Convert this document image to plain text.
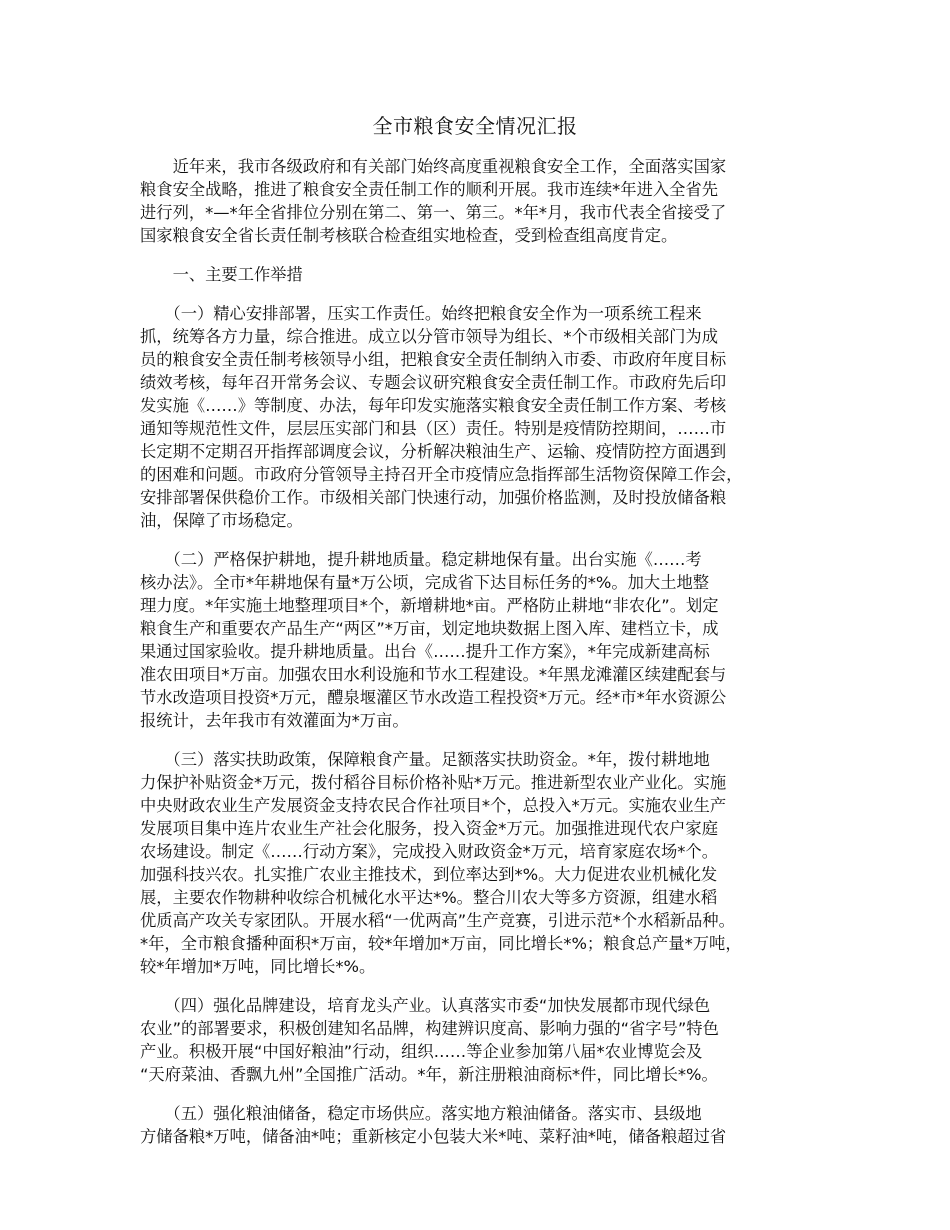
全市粮食安全情况汇报
　　近年来，我市各级政府和有关部门始终高度重视粮食安全工作，全面落实国家
粮食安全战略，推进了粮食安全责任制工作的顺利开展。我市连续*年进入全省先
进行列，*—*年全省排位分别在第二、第一、第三。*年*月，我市代表全省接受了
国家粮食安全省长责任制考核联合检查组实地检查，受到检查组高度肯定。
　　一、主要工作举措
　　（一）精心安排部署，压实工作责任。始终把粮食安全作为一项系统工程来
抓，统筹各方力量，综合推进。成立以分管市领导为组长、*个市级相关部门为成
员的粮食安全责任制考核领导小组，把粮食安全责任制纳入市委、市政府年度目标
绩效考核，每年召开常务会议、专题会议研究粮食安全责任制工作。市政府先后印
发实施《……》等制度、办法，每年印发实施落实粮食安全责任制工作方案、考核
通知等规范性文件，层层压实部门和县（区）责任。特别是疫情防控期间，……市
长定期不定期召开指挥部调度会议，分析解决粮油生产、运输、疫情防控方面遇到
的困难和问题。市政府分管领导主持召开全市疫情应急指挥部生活物资保障工作会，
安排部署保供稳价工作。市级相关部门快速行动，加强价格监测，及时投放储备粮
油，保障了市场稳定。
　　（二）严格保护耕地，提升耕地质量。稳定耕地保有量。出台实施《……考
核办法》。全市*年耕地保有量*万公顷，完成省下达目标任务的*%。加大土地整
理力度。*年实施土地整理项目*个，新增耕地*亩。严格防止耕地“非农化”。划定
粮食生产和重要农产品生产“两区”*万亩，划定地块数据上图入库、建档立卡，成
果通过国家验收。提升耕地质量。出台《……提升工作方案》，*年完成新建高标
准农田项目*万亩。加强农田水利设施和节水工程建设。*年黑龙滩灌区续建配套与
节水改造项目投资*万元，醴泉堰灌区节水改造工程投资*万元。经*市*年水资源公
报统计，去年我市有效灌面为*万亩。
　　（三）落实扶助政策，保障粮食产量。足额落实扶助资金。*年，拨付耕地地
力保护补贴资金*万元，拨付稻谷目标价格补贴*万元。推进新型农业产业化。实施
中央财政农业生产发展资金支持农民合作社项目*个，总投入*万元。实施农业生产
发展项目集中连片农业生产社会化服务，投入资金*万元。加强推进现代农户家庭
农场建设。制定《……行动方案》，完成投入财政资金*万元，培育家庭农场*个。
加强科技兴农。扎实推广农业主推技术，到位率达到*%。大力促进农业机械化发
展，主要农作物耕种收综合机械化水平达*%。整合川农大等多方资源，组建水稻
优质高产攻关专家团队。开展水稻“一优两高”生产竞赛，引进示范*个水稻新品种。
*年，全市粮食播种面积*万亩，较*年增加*万亩，同比增长*%；粮食总产量*万吨，
较*年增加*万吨，同比增长*%。
　　（四）强化品牌建设，培育龙头产业。认真落实市委“加快发展都市现代绿色
农业”的部署要求，积极创建知名品牌，构建辨识度高、影响力强的“省字号”特色
产业。积极开展“中国好粮油”行动，组织……等企业参加第八届*农业博览会及
“天府菜油、香飘九州”全国推广活动。*年，新注册粮油商标*件，同比增长*%。
　　（五）强化粮油储备，稳定市场供应。落实地方粮油储备。落实市、县级地
方储备粮*万吨，储备油*吨；重新核定小包装大米*吨、菜籽油*吨，储备粮超过省
